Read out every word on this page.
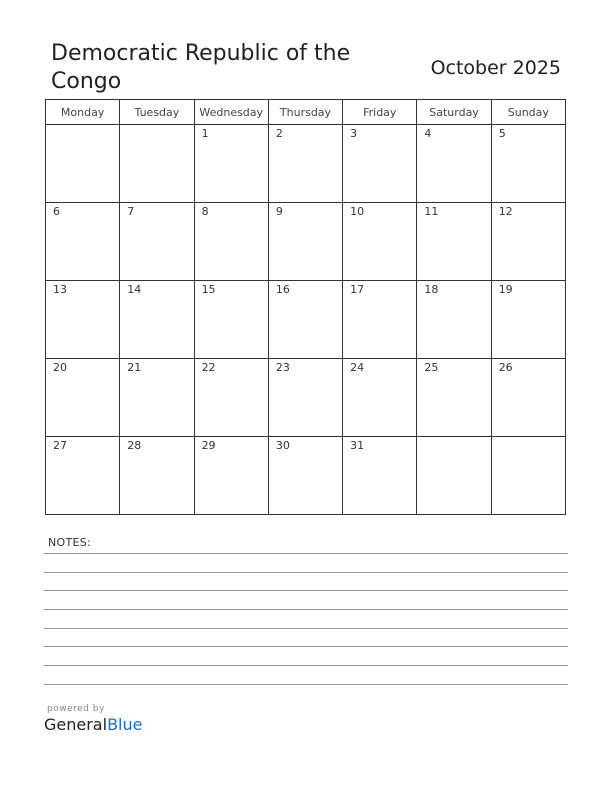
Democratic Republic of the Congo
October 2025
Monday	Tuesday	Wednesday	Thursday	Friday	Saturday	Sunday

		1	2	3	4	5

6	7	8	9	10	11	12

13	14	15	16	17	18	19

20	21	22	23	24	25	26

27	28	29	30	31		

NOTES:
powered by
GeneralBlue
